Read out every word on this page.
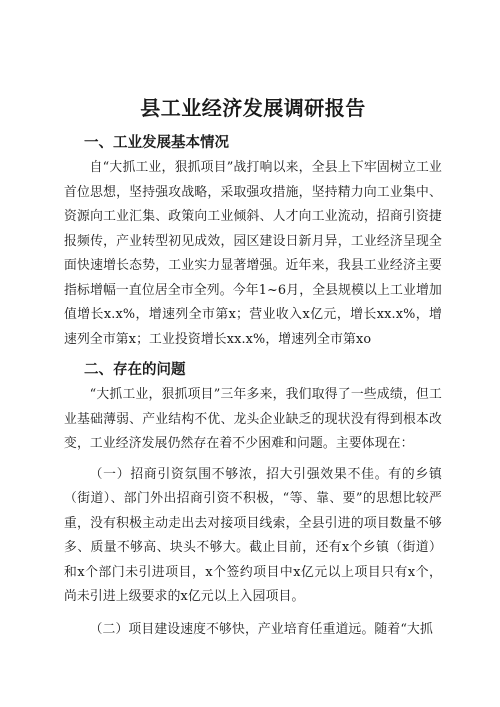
县工业经济发展调研报告
一、工业发展基本情况

自“大抓工业，狠抓项目”战打响以来，全县上下牢固树立工业首位思想，坚持强攻战略，采取强攻措施，坚持精力向工业集中、资源向工业汇集、政策向工业倾斜、人才向工业流动，招商引资捷报频传，产业转型初见成效，园区建设日新月异，工业经济呈现全面快速增长态势，工业实力显著增强。近年来，我县工业经济主要指标增幅一直位居全市全列。今年1~6月，全县规模以上工业增加值增长x.x%，增速列全市第x；营业收入x亿元，增长xx.x%，增速列全市第x；工业投资增长xx.x%，增速列全市第xo

二、存在的问题

“大抓工业，狠抓项目”三年多来，我们取得了一些成绩，但工业基础薄弱、产业结构不优、龙头企业缺乏的现状没有得到根本改变，工业经济发展仍然存在着不少困难和问题。主要体现在：

（一）招商引资氛围不够浓，招大引强效果不佳。有的乡镇（街道）、部门外出招商引资不积极，“等、靠、要”的思想比较严重，没有积极主动走出去对接项目线索，全县引进的项目数量不够多、质量不够高、块头不够大。截止目前，还有x个乡镇（街道）和x个部门未引进项目，x个签约项目中x亿元以上项目只有x个，尚未引进上级要求的x亿元以上入园项目。

（二）项目建设速度不够快，产业培育任重道远。随着“大抓
